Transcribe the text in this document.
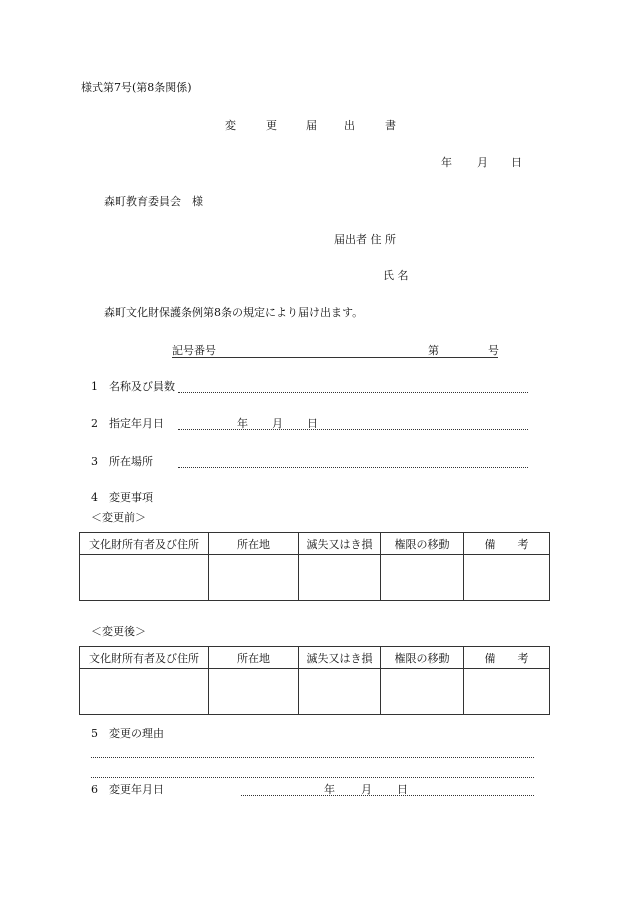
様式第7号(第8条関係)
変	更	届 出	書
年 月 日
森町教育委員会　様
届出者 住 所
氏 名
森町文化財保護条例第8条の規定により届け出ます。
記号番号	第	号
1　名称及び員数
2　指定年月日	年 月 日
3　所在場所
4　変更事項
＜変更前＞
文化財所有者及び住所	所在地	滅失又はき損	権限の移動	備　　考

＜変更後＞
文化財所有者及び住所	所在地	滅失又はき損	権限の移動	備　　考

5　変更の理由
6　変更年月日	年 月 日
